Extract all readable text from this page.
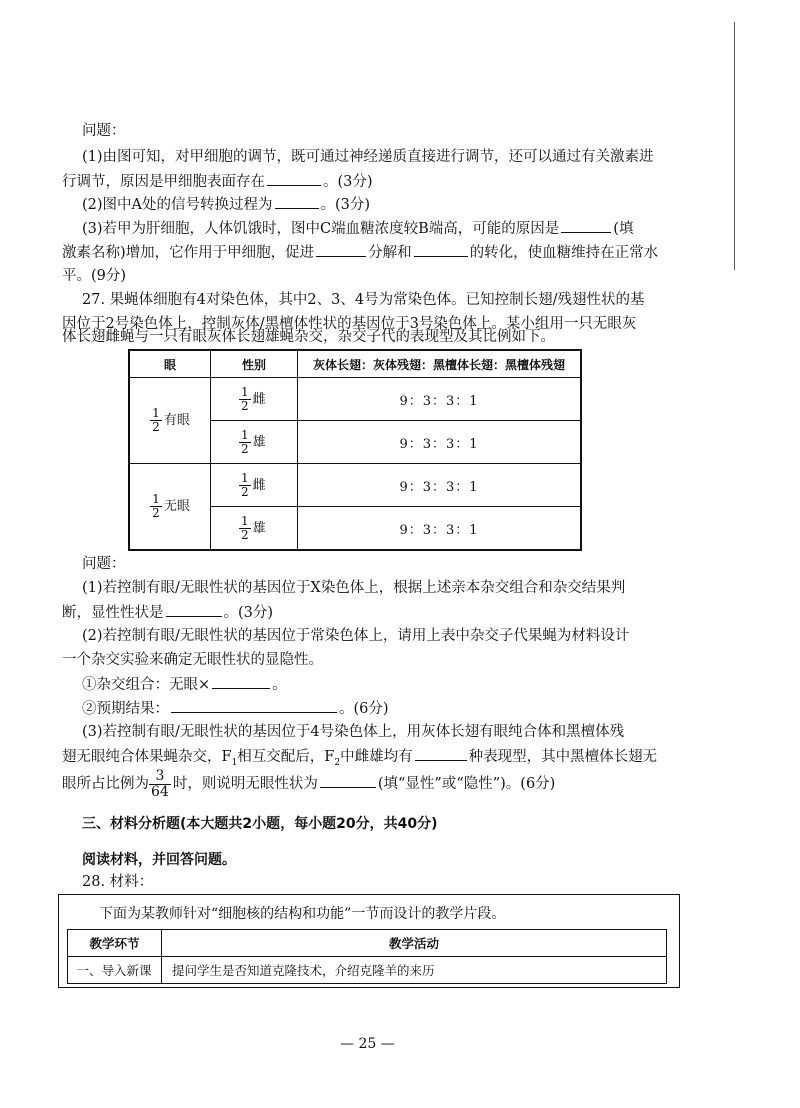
问题：
(1)由图可知，对甲细胞的调节，既可通过神经递质直接进行调节，还可以通过有关激素进
行调节，原因是甲细胞表面存在	。(3分)
(2)图中A处的信号转换过程为	。(3分)
(3)若甲为肝细胞，人体饥饿时，图中C端血糖浓度较B端高，可能的原因是	(填
激素名称)增加，它作用于甲细胞，促进	分解和	的转化，使血糖维持在正常水
平。(9分)
27. 果蝇体细胞有4对染色体，其中2、3、4号为常染色体。已知控制长翅/残翅性状的基
因位于2号染色体上，控制灰体/黑檀体性状的基因位于3号染色体上。某小组用一只无眼灰
体长翅雌蝇与一只有眼灰体长翅雄蝇杂交，杂交子代的表现型及其比例如下。
眼	性别	灰体长翅：灰体残翅：黑檀体长翅：黑檀体残翅

$\frac{1}{2}$ 有眼	$\frac{1}{2}$ 雌	9：3：3：1

	$\frac{1}{2}$ 雄	9：3：3：1

$\frac{1}{2}$ 无眼	$\frac{1}{2}$ 雌	9：3：3：1

	$\frac{1}{2}$ 雄	9：3：3：1
问题：
(1)若控制有眼/无眼性状的基因位于X染色体上，根据上述亲本杂交组合和杂交结果判
断，显性性状是	。(3分)
(2)若控制有眼/无眼性状的基因位于常染色体上，请用上表中杂交子代果蝇为材料设计
一个杂交实验来确定无眼性状的显隐性。
①杂交组合：无眼×	。
②预期结果：	。(6分)
(3)若控制有眼/无眼性状的基因位于4号染色体上，用灰体长翅有眼纯合体和黑檀体残
翅无眼纯合体果蝇杂交，$F_1$相互交配后，$F_2$中雌雄均有	种表现型，其中黑檀体长翅无
眼所占比例为 $\frac{3}{64}$ 时，则说明无眼性状为	(填“显性”或“隐性”)。(6分)
三、材料分析题(本大题共2小题，每小题20分，共40分)
阅读材料，并回答问题。
28. 材料：
下面为某教师针对“细胞核的结构和功能”一节而设计的教学片段。
教学环节	教学活动
一、导入新课	提问学生是否知道克隆技术，介绍克隆羊的来历
— 25 —
